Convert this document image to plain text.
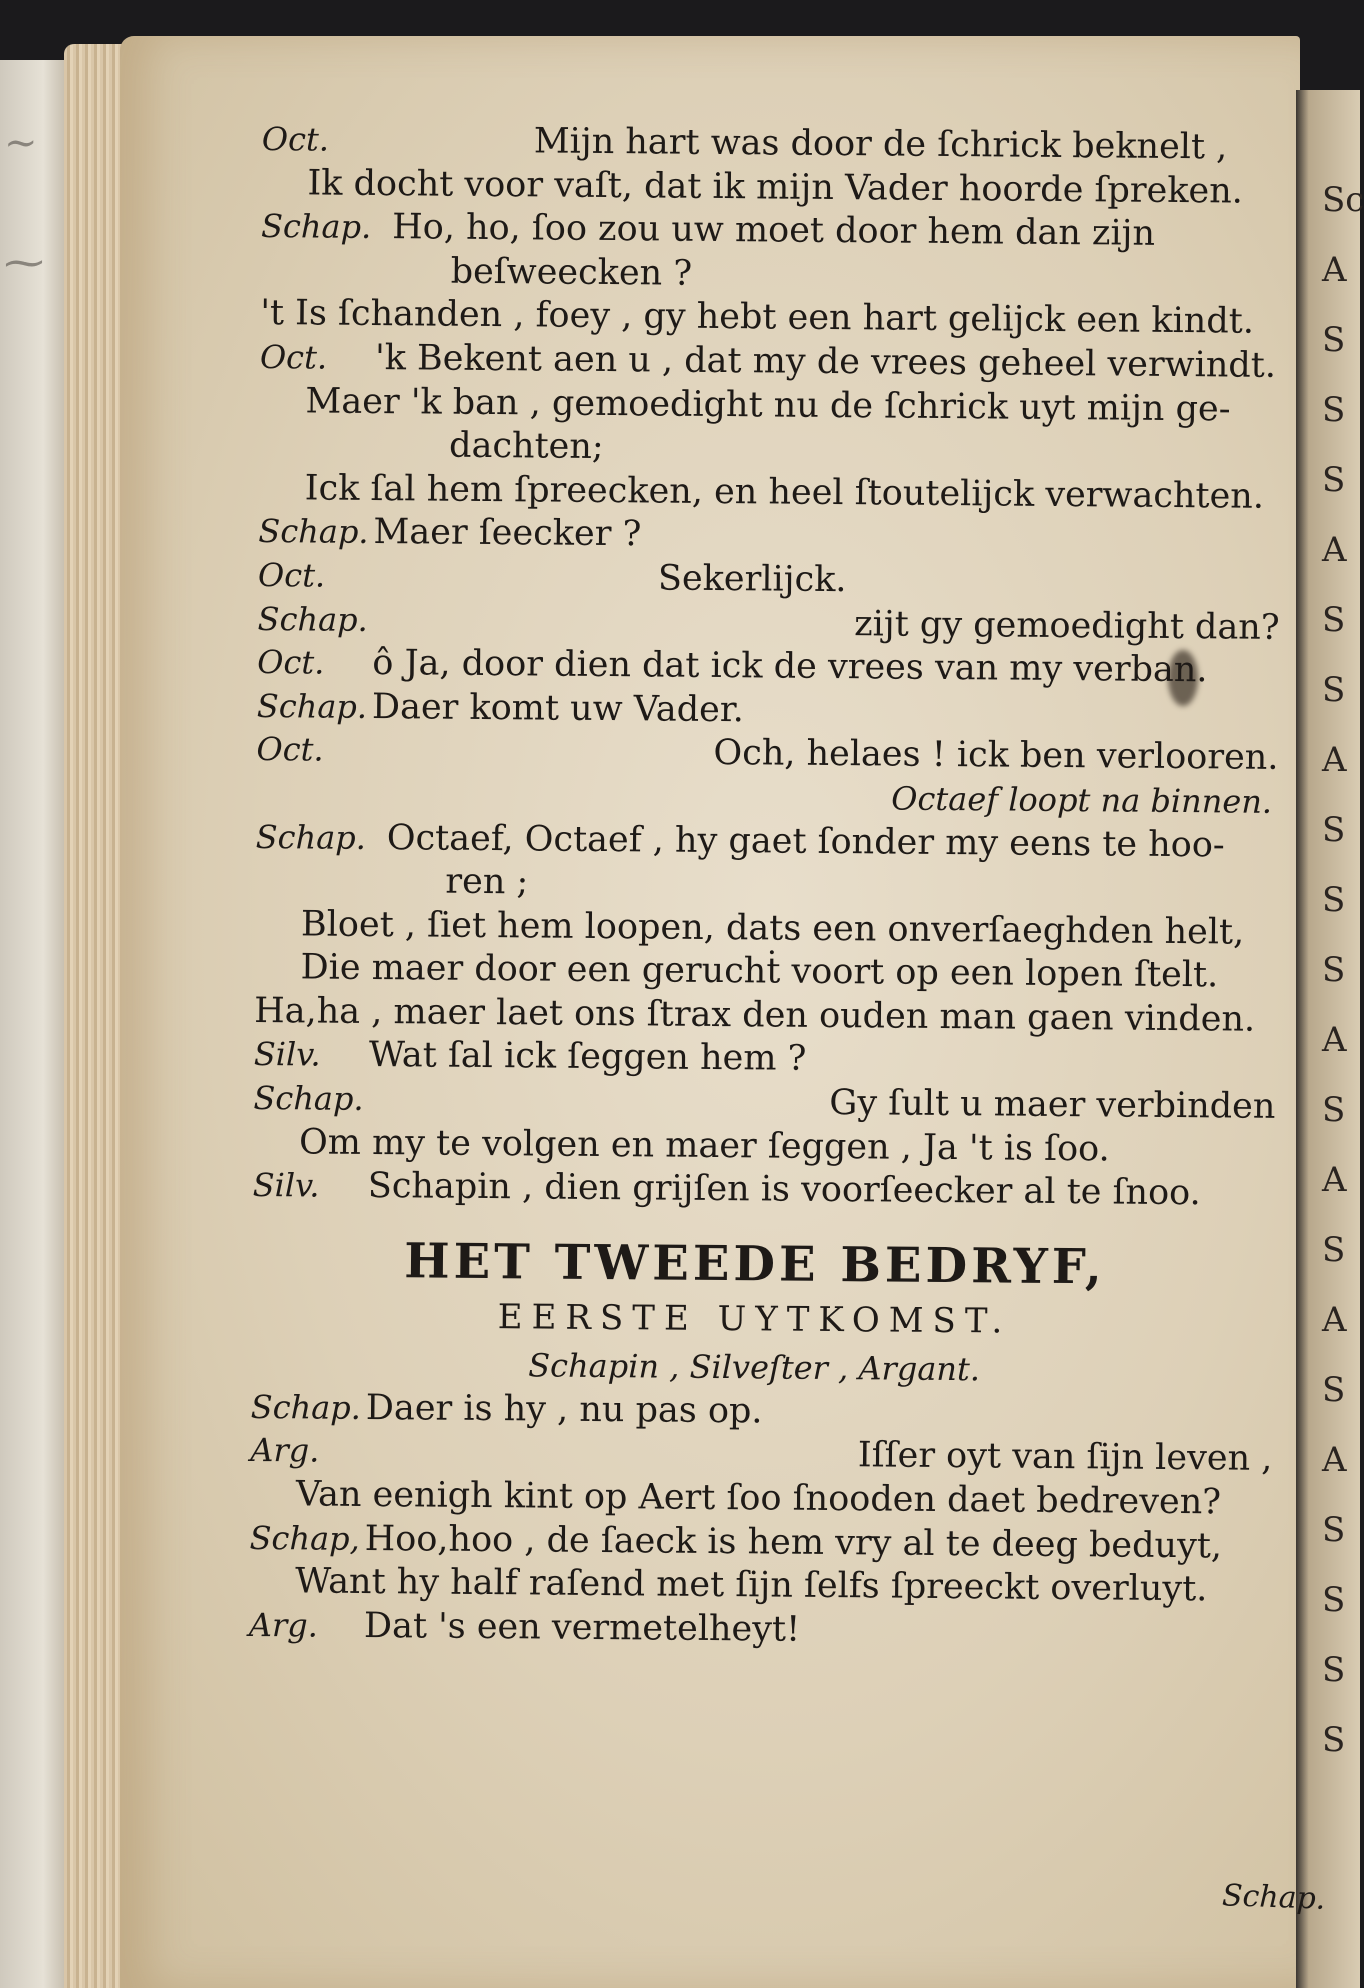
~
⁓
Sc
A
S
S
S
A
S
S
A
S
S
S
A
S
A
S
A
S
A
S
S
S
S
Oct.	Mijn hart was door de ſchrick beknelt ,
Ik docht voor vaſt, dat ik mijn Vader hoorde ſpreken.
Schap. Ho, ho, ſoo zou uw moet door hem dan zijn
beſweecken ?
't Is ſchanden , foey , gy hebt een hart gelijck een kindt.
Oct. 'k Bekent aen u , dat my de vrees geheel verwindt.
Maer 'k ban , gemoedight nu de ſchrick uyt mijn ge-
dachten;
Ick ſal hem ſpreecken, en heel ſtoutelijck verwachten.
Schap. Maer ſeecker ?
Oct.	Sekerlijck.
Schap.	zijt gy gemoedight dan?
Oct. ô Ja, door dien dat ick de vrees van my verban.
Schap. Daer komt uw Vader.
Oct.	Och, helaes ! ick ben verlooren.
Octaef loopt na binnen.
Schap. Octaef, Octaef , hy gaet ſonder my eens te hoo-
ren ;
Bloet , ſiet hem loopen, dats een onverſaeghden helt,
Die maer door een geruchṫ voort op een lopen ſtelt.
Ha,ha , maer laet ons ſtrax den ouden man gaen vinden.
Silv. Wat ſal ick ſeggen hem ?
Schap.	Gy ſult u maer verbinden
Om my te volgen en maer ſeggen , Ja 't is ſoo.
Silv. Schapin , dien grijſen is voorſeecker al te ſnoo.
HET TWEEDE BEDRYF,
EERSTE UYTKOMST.
Schapin , Silveſter , Argant.
Schap. Daer is hy , nu pas op.
Arg.	Iſſer oyt van ſijn leven ,
Van eenigh kint op Aert ſoo ſnooden daet bedreven?
Schap, Hoo,hoo , de ſaeck is hem vry al te deeg beduyt,
Want hy half raſend met ſijn ſelfs ſpreeckt overluyt.
Arg. Dat 's een vermetelheyt!
Schap.
